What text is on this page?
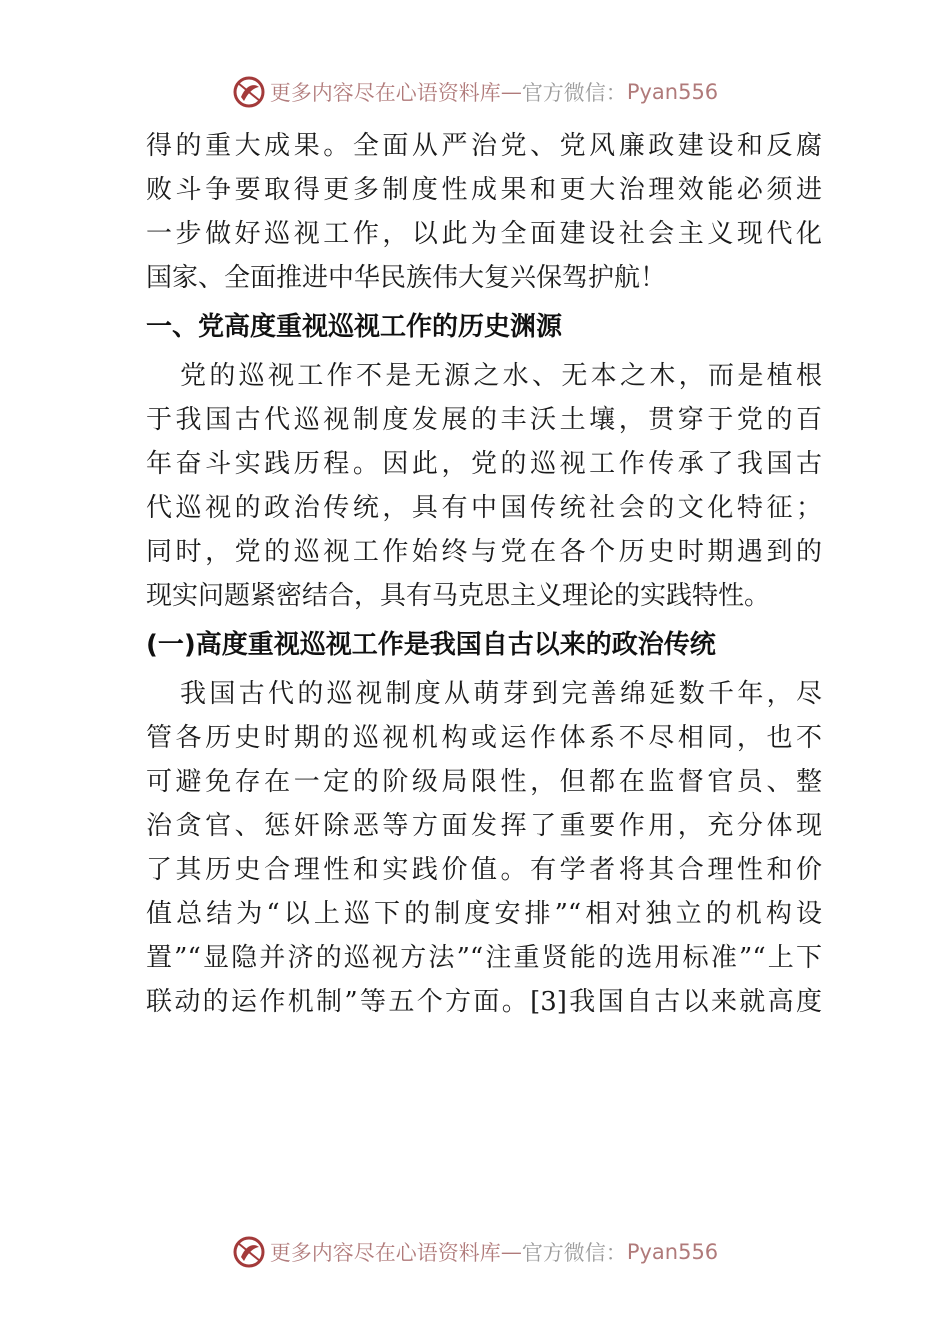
更多内容尽在心语资料库 — 官方微信： Pyan556
得的重大成果。全面从严治党、党风廉政建设和反腐
败斗争要取得更多制度性成果和更大治理效能必须进
一步做好巡视工作，以此为全面建设社会主义现代化
国家、全面推进中华民族伟大复兴保驾护航！
一、党高度重视巡视工作的历史渊源
党的巡视工作不是无源之水、无本之木，而是植根
于我国古代巡视制度发展的丰沃土壤，贯穿于党的百
年奋斗实践历程。因此，党的巡视工作传承了我国古
代巡视的政治传统，具有中国传统社会的文化特征；
同时，党的巡视工作始终与党在各个历史时期遇到的
现实问题紧密结合，具有马克思主义理论的实践特性。
(一)高度重视巡视工作是我国自古以来的政治传统
我国古代的巡视制度从萌芽到完善绵延数千年，尽
管各历史时期的巡视机构或运作体系不尽相同，也不
可避免存在一定的阶级局限性，但都在监督官员、整
治贪官、惩奸除恶等方面发挥了重要作用，充分体现
了其历史合理性和实践价值。有学者将其合理性和价
值总结为“以上巡下的制度安排”“相对独立的机构设
置”“显隐并济的巡视方法”“注重贤能的选用标准”“上下
联动的运作机制”等五个方面。[3]我国自古以来就高度
更多内容尽在心语资料库 — 官方微信： Pyan556
